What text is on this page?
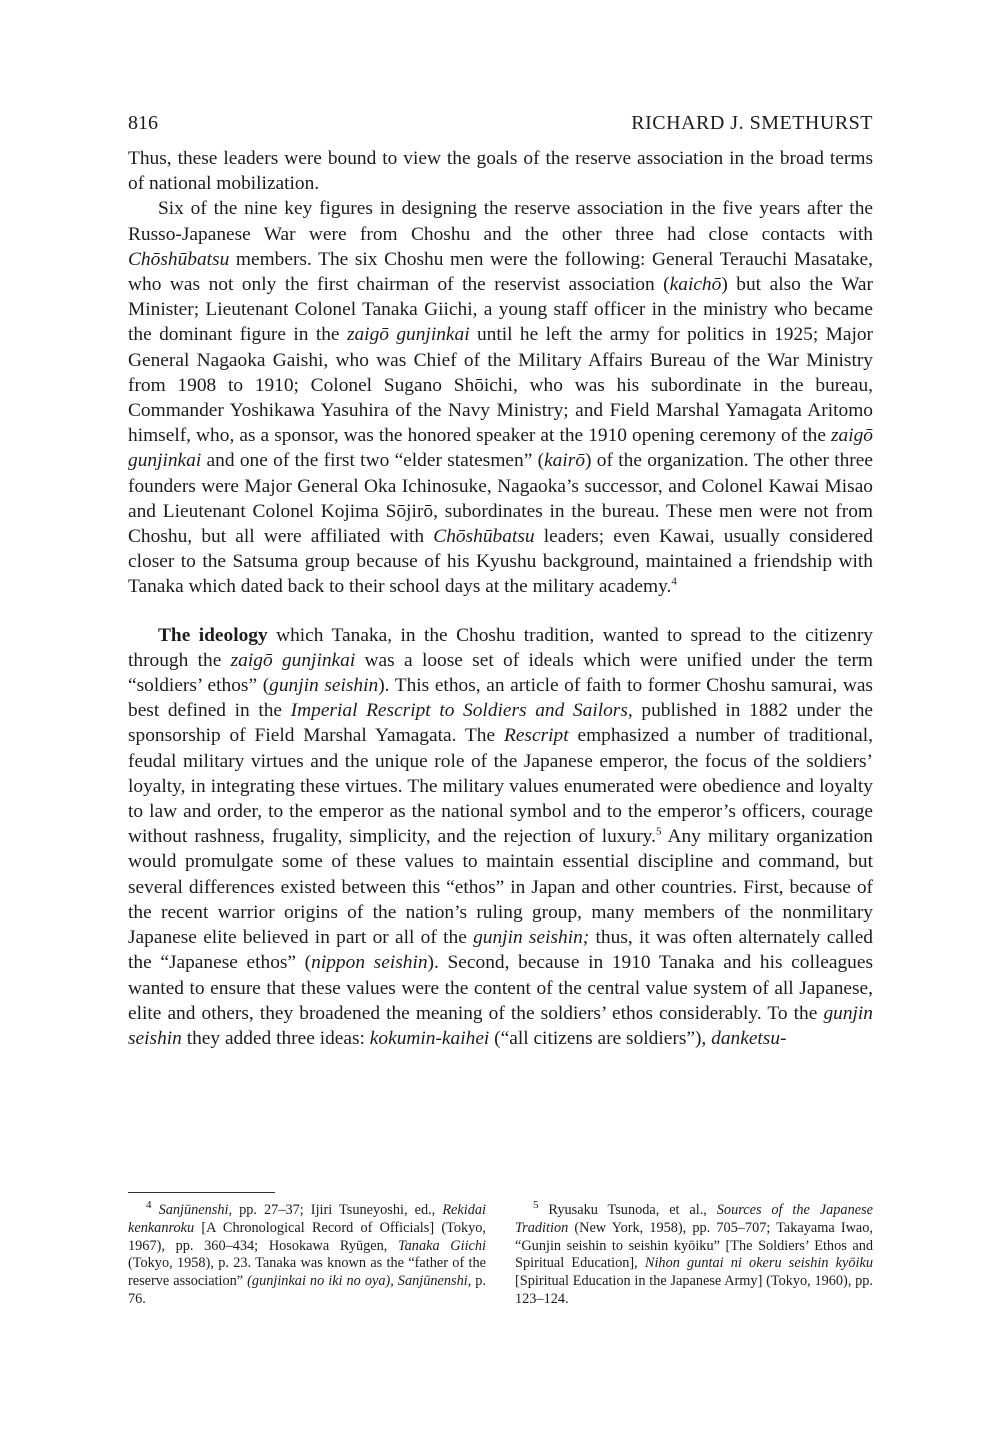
816	RICHARD J. SMETHURST

Thus, these leaders were bound to view the goals of the reserve association in the broad terms of national mobilization.

Six of the nine key figures in designing the reserve association in the five years after the Russo-Japanese War were from Choshu and the other three had close contacts with Chōshūbatsu members. The six Choshu men were the following: General Terauchi Masatake, who was not only the first chairman of the reservist association (kaichō) but also the War Minister; Lieutenant Colonel Tanaka Giichi, a young staff officer in the ministry who became the dominant figure in the zaigō gunjinkai until he left the army for politics in 1925; Major General Nagaoka Gaishi, who was Chief of the Military Affairs Bureau of the War Ministry from 1908 to 1910; Colonel Sugano Shōichi, who was his subordinate in the bureau, Commander Yoshikawa Yasuhira of the Navy Ministry; and Field Marshal Yamagata Aritomo himself, who, as a sponsor, was the honored speaker at the 1910 opening ceremony of the zaigō gunjinkai and one of the first two “elder statesmen” (kairō) of the organization. The other three founders were Major General Oka Ichinosuke, Nagaoka’s successor, and Colonel Kawai Misao and Lieutenant Colonel Kojima Sōjirō, subordinates in the bureau. These men were not from Choshu, but all were affiliated with Chōshūbatsu leaders; even Kawai, usually considered closer to the Satsuma group because of his Kyushu background, maintained a friendship with Tanaka which dated back to their school days at the military academy.$^4$

The ideology which Tanaka, in the Choshu tradition, wanted to spread to the citizenry through the zaigō gunjinkai was a loose set of ideals which were unified under the term “soldiers’ ethos” (gunjin seishin). This ethos, an article of faith to former Choshu samurai, was best defined in the Imperial Rescript to Soldiers and Sailors, published in 1882 under the sponsorship of Field Marshal Yamagata. The Rescript emphasized a number of traditional, feudal military virtues and the unique role of the Japanese emperor, the focus of the soldiers’ loyalty, in integrating these virtues. The military values enumerated were obedience and loyalty to law and order, to the emperor as the national symbol and to the emperor’s officers, courage without rashness, frugality, simplicity, and the rejection of luxury.$^5$ Any military organization would promulgate some of these values to maintain essential discipline and command, but several differences existed between this “ethos” in Japan and other countries. First, because of the recent warrior origins of the nation’s ruling group, many members of the nonmilitary Japanese elite believed in part or all of the gunjin seishin; thus, it was often alternately called the “Japanese ethos” (nippon seishin). Second, because in 1910 Tanaka and his colleagues wanted to ensure that these values were the content of the central value system of all Japanese, elite and others, they broadened the meaning of the soldiers’ ethos considerably. To the gunjin seishin they added three ideas: kokumin-kaihei (“all citizens are soldiers”), danketsu-

$^4$ Sanjūnenshi, pp. 27–37; Ijiri Tsuneyoshi, ed., Rekidai kenkanroku [A Chronological Record of Officials] (Tokyo, 1967), pp. 360–434; Hosokawa Ryūgen, Tanaka Giichi (Tokyo, 1958), p. 23. Tanaka was known as the “father of the reserve association” (gunjinkai no iki no oya), Sanjūnenshi, p. 76.
$^5$ Ryusaku Tsunoda, et al., Sources of the Japanese Tradition (New York, 1958), pp. 705–707; Takayama Iwao, “Gunjin seishin to seishin kyōiku” [The Soldiers’ Ethos and Spiritual Education], Nihon guntai ni okeru seishin kyōiku [Spiritual Education in the Japanese Army] (Tokyo, 1960), pp. 123–124.
